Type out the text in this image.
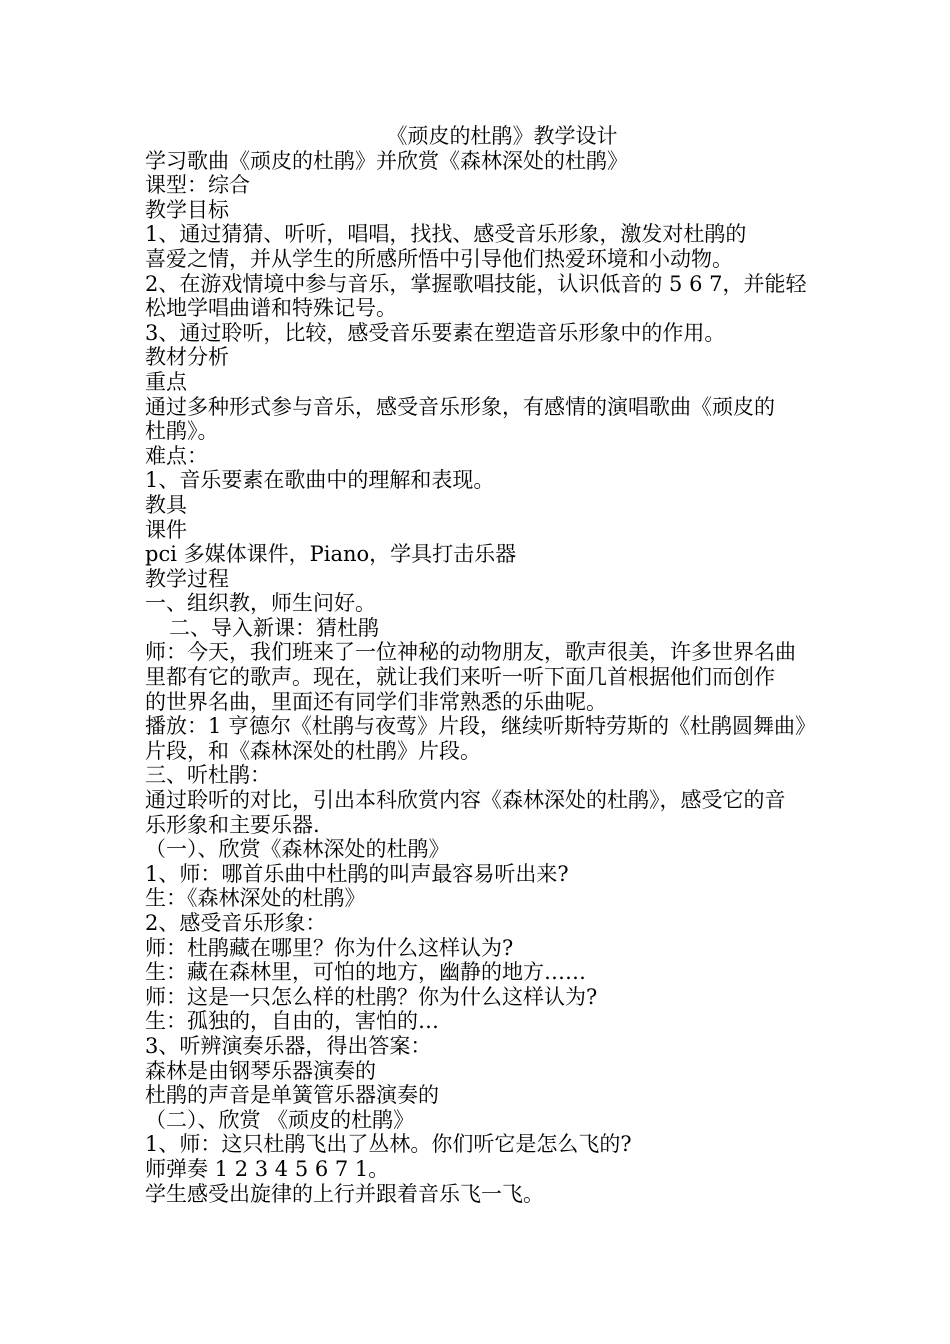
《顽皮的杜鹃》教学设计
学习歌曲《顽皮的杜鹃》并欣赏《森林深处的杜鹃》
课型：综合
教学目标
1、通过猜猜、听听，唱唱，找找、感受音乐形象，激发对杜鹃的
喜爱之情，并从学生的所感所悟中引导他们热爱环境和小动物。
2、在游戏情境中参与音乐，掌握歌唱技能，认识低音的 5 6 7，并能轻
松地学唱曲谱和特殊记号。
3、通过聆听，比较，感受音乐要素在塑造音乐形象中的作用。
教材分析
重点
通过多种形式参与音乐，感受音乐形象，有感情的演唱歌曲《顽皮的
杜鹃》。
难点：
1、音乐要素在歌曲中的理解和表现。
教具
课件
pci 多媒体课件，Piano，学具打击乐器
教学过程
一、组织教，师生问好。
二、导入新课：猜杜鹃
师：今天，我们班来了一位神秘的动物朋友，歌声很美，许多世界名曲
里都有它的歌声。现在，就让我们来听一听下面几首根据他们而创作
的世界名曲，里面还有同学们非常熟悉的乐曲呢。
播放：1 亨德尔《杜鹃与夜莺》片段，继续听斯特劳斯的《杜鹃圆舞曲》
片段，和《森林深处的杜鹃》片段。
三、听杜鹃：
通过聆听的对比，引出本科欣赏内容《森林深处的杜鹃》，感受它的音
乐形象和主要乐器.
（一）、欣赏《森林深处的杜鹃》
1、师：哪首乐曲中杜鹃的叫声最容易听出来?
生：《森林深处的杜鹃》
2、感受音乐形象：
师：杜鹃藏在哪里？你为什么这样认为?
生：藏在森林里，可怕的地方，幽静的地方……
师：这是一只怎么样的杜鹃？你为什么这样认为?
生：孤独的，自由的，害怕的…
3、听辨演奏乐器，得出答案：
森林是由钢琴乐器演奏的
杜鹃的声音是单簧管乐器演奏的
（二）、欣赏 《顽皮的杜鹃》
1、师：这只杜鹃飞出了丛林。你们听它是怎么飞的?
师弹奏 1 2 3 4 5 6 7 1。
学生感受出旋律的上行并跟着音乐飞一飞。
